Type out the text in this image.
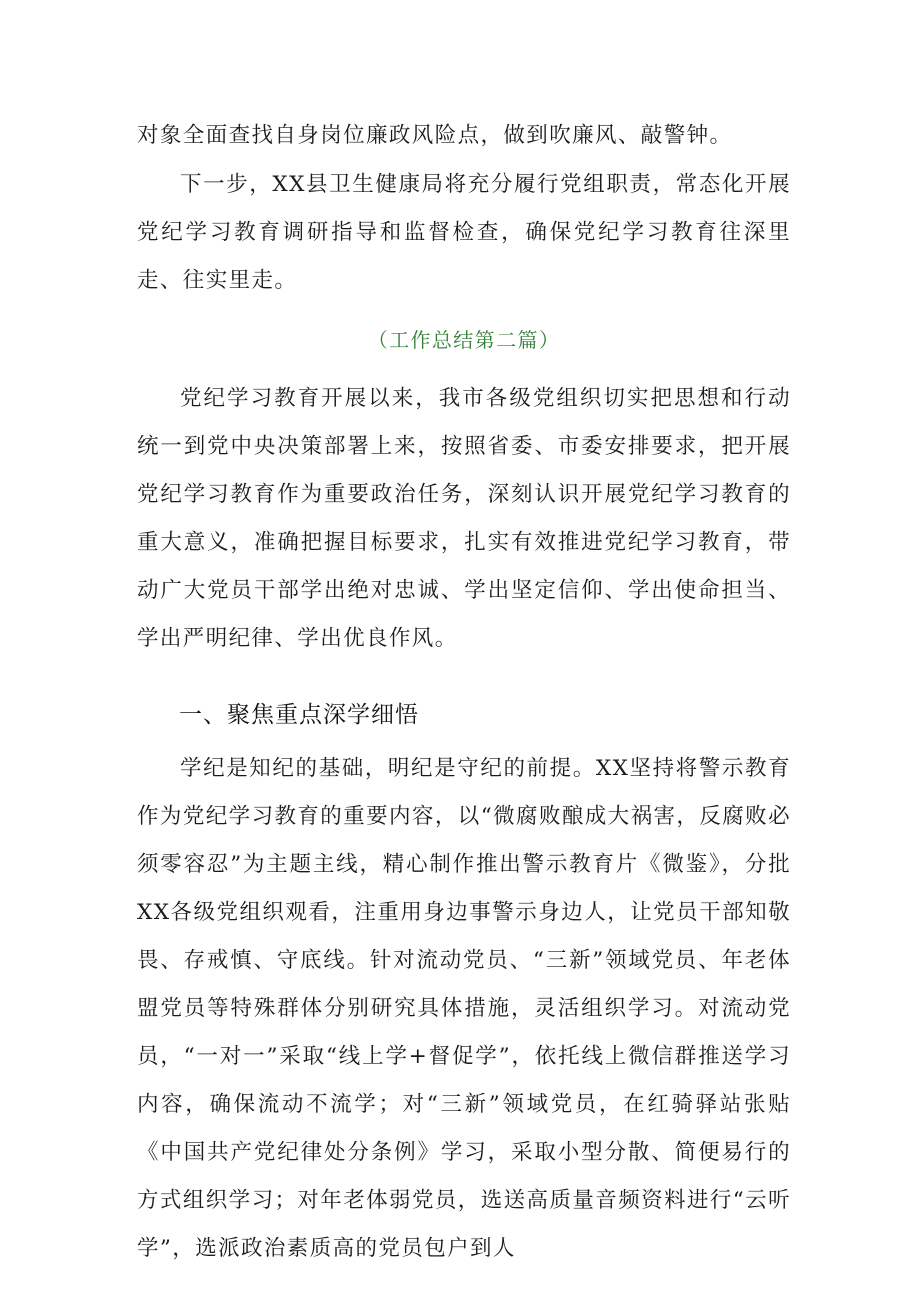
对象全面查找自身岗位廉政风险点，做到吹廉风、敲警钟。

下一步，XX县卫生健康局将充分履行党组职责，常态化开展党纪学习教育调研指导和监督检查，确保党纪学习教育往深里走、往实里走。

（工作总结第二篇）

党纪学习教育开展以来，我市各级党组织切实把思想和行动统一到党中央决策部署上来，按照省委、市委安排要求，把开展党纪学习教育作为重要政治任务，深刻认识开展党纪学习教育的重大意义，准确把握目标要求，扎实有效推进党纪学习教育，带动广大党员干部学出绝对忠诚、学出坚定信仰、学出使命担当、学出严明纪律、学出优良作风。

一、聚焦重点深学细悟

学纪是知纪的基础，明纪是守纪的前提。XX坚持将警示教育作为党纪学习教育的重要内容，以“微腐败酿成大祸害，反腐败必须零容忍”为主题主线，精心制作推出警示教育片《微鉴》，分批XX各级党组织观看，注重用身边事警示身边人，让党员干部知敬畏、存戒慎、守底线。针对流动党员、“三新”领域党员、年老体盟党员等特殊群体分别研究具体措施，灵活组织学习。对流动党员，“一对一”采取“线上学+督促学”，依托线上微信群推送学习内容，确保流动不流学；对“三新”领域党员，在红骑驿站张贴《中国共产党纪律处分条例》学习，采取小型分散、简便易行的方式组织学习；对年老体弱党员，选送高质量音频资料进行“云听学”，选派政治素质高的党员包户到人
